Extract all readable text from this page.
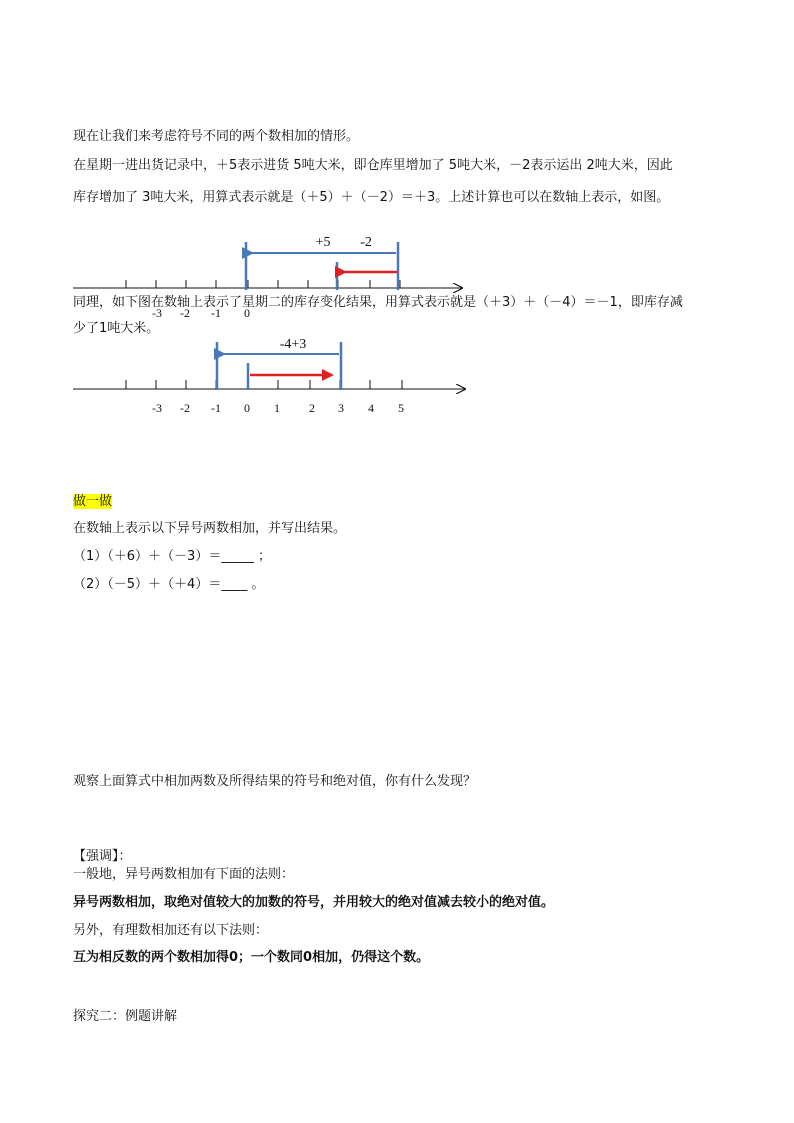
现在让我们来考虑符号不同的两个数相加的情形。

在星期一进出货记录中，＋5表示进货 5吨大米，即仓库里增加了 5吨大米，－2表示运出 2吨大米，因此

库存增加了 3吨大米，用算式表示就是（＋5）＋（－2）＝＋3。上述计算也可以在数轴上表示，如图。

-3 -2 -1 0
+5 -2

同理，如下图在数轴上表示了星期二的库存变化结果，用算式表示就是（＋3）＋（－4）＝－1，即库存减

少了1吨大米。

-3 -2 -1 0 1 2 3 4 5
-4+3

做一做

在数轴上表示以下异号两数相加，并写出结果。

（1）（＋6）＋（－3）＝_____ ；

（2）（－5）＋（＋4）＝____ 。

观察上面算式中相加两数及所得结果的符号和绝对值，你有什么发现？

【强调】：

一般地，异号两数相加有下面的法则：

异号两数相加，取绝对值较大的加数的符号，并用较大的绝对值减去较小的绝对值。

另外，有理数相加还有以下法则：

互为相反数的两个数相加得0；一个数同0相加，仍得这个数。

探究二：例题讲解
